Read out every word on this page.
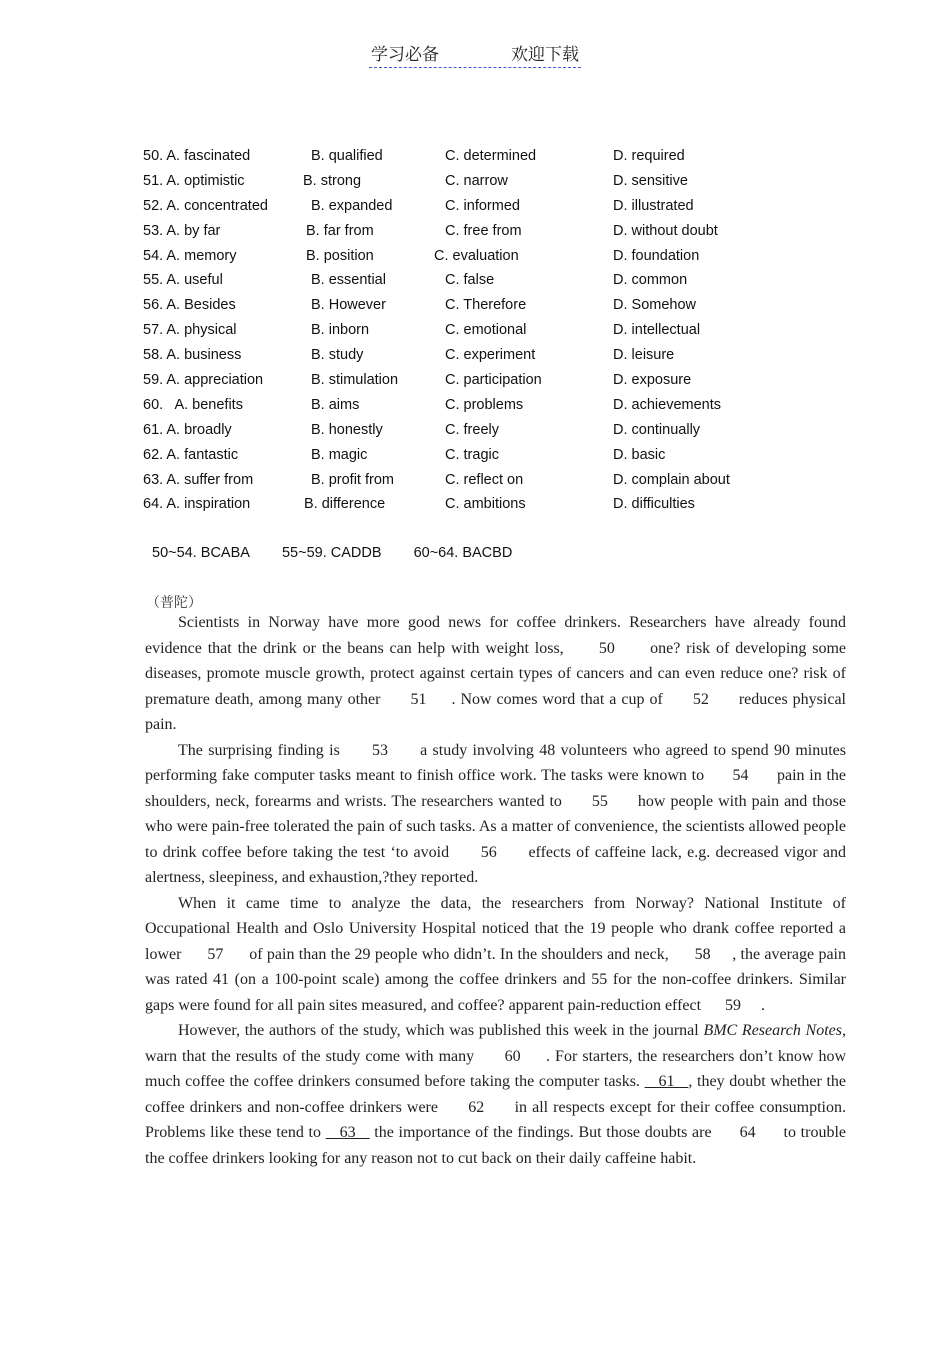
学习必备	欢迎下载
50. A. fascinated	B. qualified	C. determined	D. required
51. A. optimistic	B. strong	C. narrow	D. sensitive
52. A. concentrated	B. expanded	C. informed	D. illustrated
53. A. by far	B. far from	C. free from	D. without doubt
54. A. memory	B. position	C. evaluation	D. foundation
55. A. useful	B. essential	C. false	D. common
56. A. Besides	B. However	C. Therefore	D. Somehow
57. A. physical	B. inborn	C. emotional	D. intellectual
58. A. business	B. study	C. experiment	D. leisure
59. A. appreciation	B. stimulation	C. participation	D. exposure
60.   A. benefits	B. aims	C. problems	D. achievements
61. A. broadly	B. honestly	C. freely	D. continually
62. A. fantastic	B. magic	C. tragic	D. basic
63. A. suffer from	B. profit from	C. reflect on	D. complain about
64. A. inspiration	B. difference	C. ambitions	D. difficulties
50~54. BCABA 55~59. CADDB 60~64. BACBD
（普陀）

Scientists in Norway have more good news for coffee drinkers. Researchers have already found evidence that the drink or the beans can help with weight loss,      50      one? risk of developing some diseases, promote muscle growth, protect against certain types of cancers and can even reduce one? risk of premature death, among many other      51     . Now comes word that a cup of      52      reduces physical pain.

The surprising finding is      53      a study involving 48 volunteers who agreed to spend 90 minutes performing fake computer tasks meant to finish office work. The tasks were known to      54      pain in the shoulders, neck, forearms and wrists. The researchers wanted to      55      how people with pain and those who were pain-free tolerated the pain of such tasks. As a matter of convenience, the scientists allowed people to drink coffee before taking the test ‘to avoid      56      effects of caffeine lack, e.g. decreased vigor and alertness, sleepiness, and exhaustion,?they reported.

When it came time to analyze the data, the researchers from Norway? National Institute of Occupational Health and Oslo University Hospital noticed that the 19 people who drank coffee reported a lower      57      of pain than the 29 people who didn’t. In the shoulders and neck,      58     , the average pain was rated 41 (on a 100-point scale) among the coffee drinkers and 55 for the non-coffee drinkers. Similar gaps were found for all pain sites measured, and coffee? apparent pain-reduction effect      59     .

However, the authors of the study, which was published this week in the journal BMC Research Notes, warn that the results of the study come with many      60     . For starters, the researchers don’t know how much coffee the coffee drinkers consumed before taking the computer tasks.    61   , they doubt whether the coffee drinkers and non-coffee drinkers were      62      in all respects except for their coffee consumption. Problems like these tend to    63    the importance of the findings. But those doubts are      64      to trouble the coffee drinkers looking for any reason not to cut back on their daily caffeine habit.
